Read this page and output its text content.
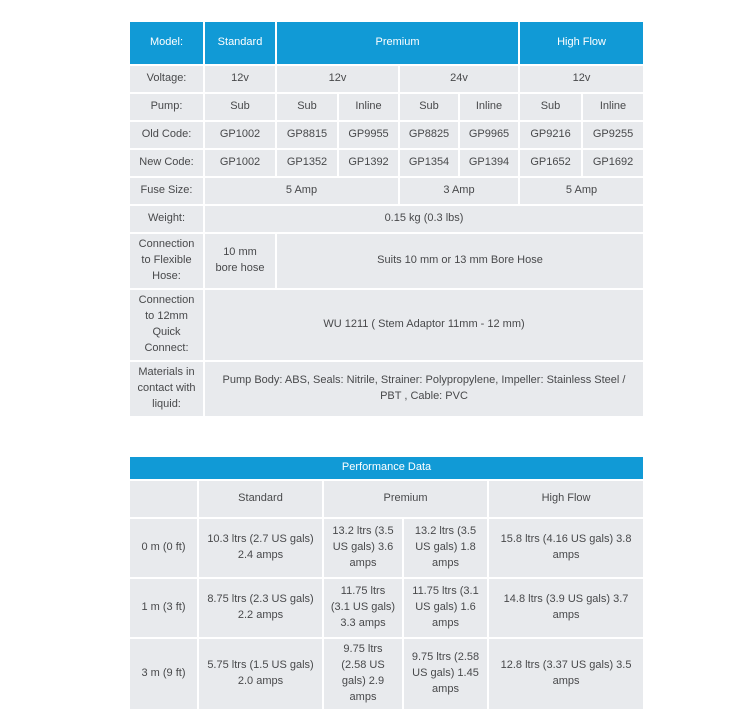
Model:	Standard	Premium				High Flow	
Voltage:	12v	12v		24v		12v	
Pump:	Sub	Sub	Inline	Sub	Inline	Sub	Inline
Old Code:	GP1002	GP8815	GP9955	GP8825	GP9965	GP9216	GP9255
New Code:	GP1002	GP1352	GP1392	GP1354	GP1394	GP1652	GP1692
Fuse Size:	5 Amp			3 Amp		5 Amp	
Weight:	0.15 kg (0.3 lbs)						
Connection to Flexible Hose:	10 mm bore hose	Suits 10 mm or 13 mm Bore Hose					
Connection to 12mm Quick Connect:	WU 1211 ( Stem Adaptor 11mm - 12 mm)						
Materials in contact with liquid:	Pump Body: ABS, Seals: Nitrile, Strainer: Polypropylene, Impeller: Stainless Steel / PBT , Cable: PVC						
Performance Data				
	Standard	Premium		High Flow
0 m (0 ft)	10.3 ltrs (2.7 US gals) 2.4 amps	13.2 ltrs (3.5 US gals) 3.6 amps	13.2 ltrs (3.5 US gals) 1.8 amps	15.8 ltrs (4.16 US gals) 3.8 amps
1 m (3 ft)	8.75 ltrs (2.3 US gals) 2.2 amps	11.75 ltrs (3.1 US gals) 3.3 amps	11.75 ltrs (3.1 US gals) 1.6 amps	14.8 ltrs (3.9 US gals) 3.7 amps
3 m (9 ft)	5.75 ltrs (1.5 US gals) 2.0 amps	9.75 ltrs (2.58 US gals) 2.9 amps	9.75 ltrs (2.58 US gals) 1.45 amps	12.8 ltrs (3.37 US gals) 3.5 amps
